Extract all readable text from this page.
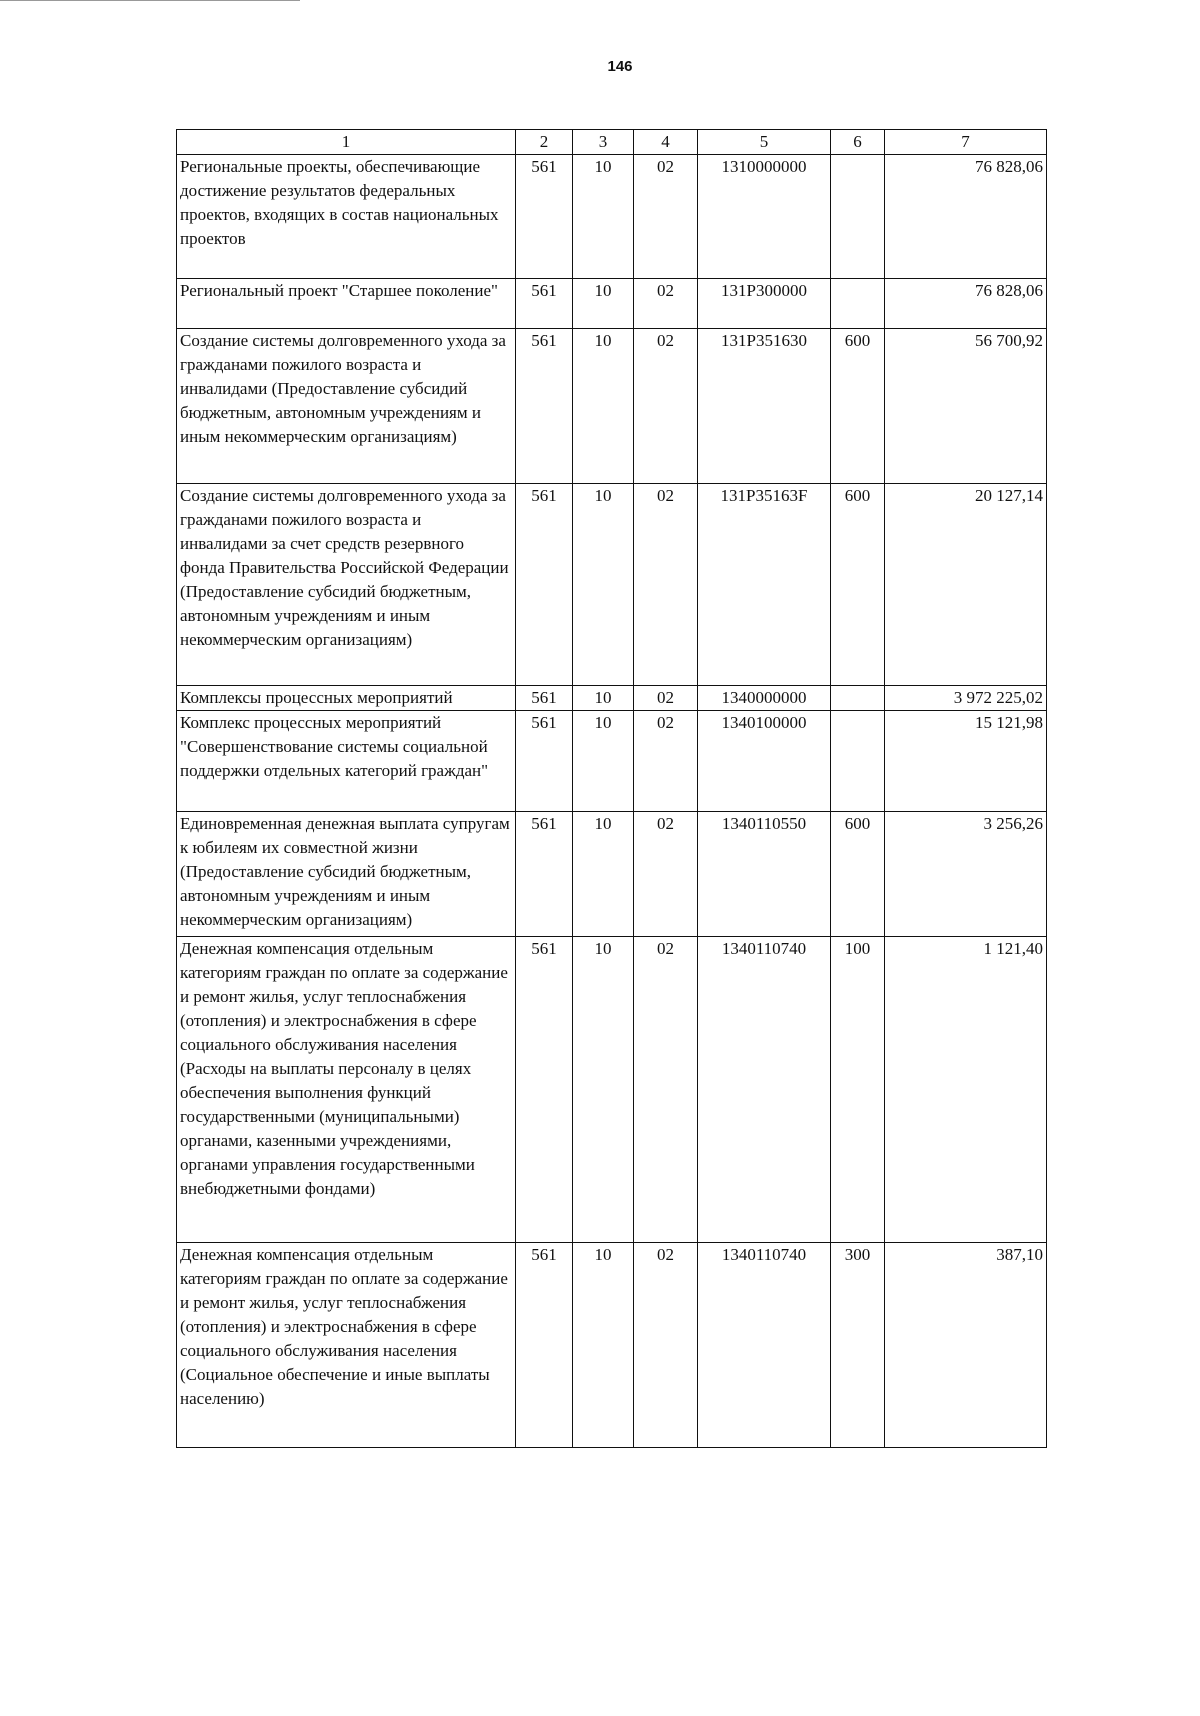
146
1	2	3	4	5	6	7
Региональные проекты, обеспечивающие достижение результатов федеральных проектов, входящих в состав национальных проектов	561	10	02	1310000000		76 828,06
Региональный проект "Старшее поколение"	561	10	02	131P300000		76 828,06
Создание системы долговременного ухода за гражданами пожилого возраста и инвалидами (Предоставление субсидий бюджетным, автономным учреждениям и иным некоммерческим организациям)	561	10	02	131P351630	600	56 700,92
Создание системы долговременного ухода за гражданами пожилого возраста и инвалидами за счет средств резервного фонда Правительства Российской Федерации (Предоставление субсидий бюджетным, автономным учреждениям и иным некоммерческим организациям)	561	10	02	131P35163F	600	20 127,14
Комплексы процессных мероприятий	561	10	02	1340000000		3 972 225,02
Комплекс процессных мероприятий "Совершенствование системы социальной поддержки отдельных категорий граждан"	561	10	02	1340100000		15 121,98
Единовременная денежная выплата супругам к юбилеям их совместной жизни (Предоставление субсидий бюджетным, автономным учреждениям и иным некоммерческим организациям)	561	10	02	1340110550	600	3 256,26
Денежная компенсация отдельным категориям граждан по оплате за содержание и ремонт жилья, услуг теплоснабжения (отопления) и электроснабжения в сфере социального обслуживания населения (Расходы на выплаты персоналу в целях обеспечения выполнения функций государственными (муниципальными) органами, казенными учреждениями, органами управления государственными внебюджетными фондами)	561	10	02	1340110740	100	1 121,40
Денежная компенсация отдельным категориям граждан по оплате за содержание и ремонт жилья, услуг теплоснабжения (отопления) и электроснабжения в сфере социального обслуживания населения (Социальное обеспечение и иные выплаты населению)	561	10	02	1340110740	300	387,10
